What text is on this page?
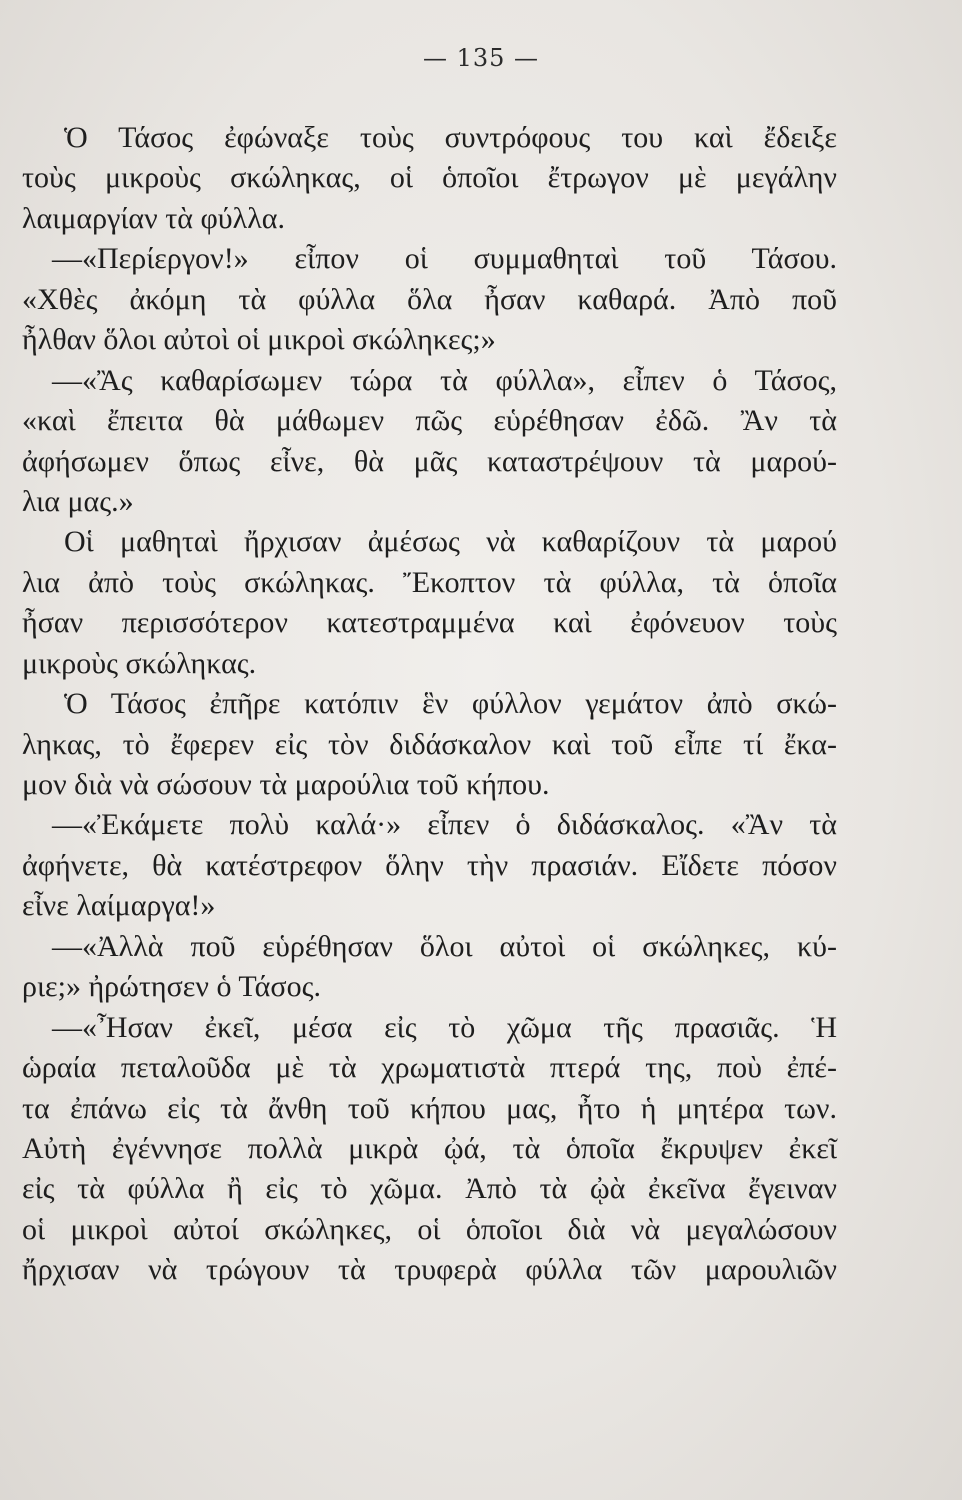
— 135 —
Ὁ Τάσος ἐφώναξε τοὺς συντρόφους του καὶ ἔδειξε
τοὺς μικροὺς σκώληκας, οἱ ὁποῖοι ἔτρωγον μὲ μεγάλην
λαιμαργίαν τὰ φύλλα.
—«Περίεργον!» εἶπον οἱ συμμαθηταὶ τοῦ Τάσου.
«Χθὲς ἀκόμη τὰ φύλλα ὅλα ἦσαν καθαρά. Ἀπὸ ποῦ
ἦλθαν ὅλοι αὐτοὶ οἱ μικροὶ σκώληκες;»
—«Ἂς καθαρίσωμεν τώρα τὰ φύλλα», εἶπεν ὁ Τάσος,
«καὶ ἔπειτα θὰ μάθωμεν πῶς εὑρέθησαν ἐδῶ. Ἂν τὰ
ἀφήσωμεν ὅπως εἶνε, θὰ μᾶς καταστρέψουν τὰ μαρού-
λια μας.»
Οἱ μαθηταὶ ἤρχισαν ἀμέσως νὰ καθαρίζουν τὰ μαρού
λια ἀπὸ τοὺς σκώληκας. Ἔκοπτον τὰ φύλλα, τὰ ὁποῖα
ἦσαν περισσότερον κατεστραμμένα καὶ ἐφόνευον τοὺς
μικροὺς σκώληκας.
Ὁ Τάσος ἐπῆρε κατόπιν ἓν φύλλον γεμάτον ἀπὸ σκώ-
ληκας, τὸ ἔφερεν εἰς τὸν διδάσκαλον καὶ τοῦ εἶπε τί ἔκα-
μον διὰ νὰ σώσουν τὰ μαρούλια τοῦ κήπου.
—«Ἐκάμετε πολὺ καλά·» εἶπεν ὁ διδάσκαλος. «Ἂν τὰ
ἀφήνετε, θὰ κατέστρεφον ὅλην τὴν πρασιάν. Εἴδετε πόσον
εἶνε λαίμαργα!»
—«Ἀλλὰ ποῦ εὑρέθησαν ὅλοι αὐτοὶ οἱ σκώληκες, κύ-
ριε;» ἠρώτησεν ὁ Τάσος.
—«Ἦσαν ἐκεῖ, μέσα εἰς τὸ χῶμα τῆς πρασιᾶς. Ἡ
ὡραία πεταλοῦδα μὲ τὰ χρωματιστὰ πτερά της, ποὺ ἐπέ-
τα ἐπάνω εἰς τὰ ἄνθη τοῦ κήπου μας, ἦτο ἡ μητέρα των.
Αὐτὴ ἐγέννησε πολλὰ μικρὰ ᾠά, τὰ ὁποῖα ἔκρυψεν ἐκεῖ
εἰς τὰ φύλλα ἢ εἰς τὸ χῶμα. Ἀπὸ τὰ ᾠὰ ἐκεῖνα ἔγειναν
οἱ μικροὶ αὐτοί σκώληκες, οἱ ὁποῖοι διὰ νὰ μεγαλώσουν
ἤρχισαν νὰ τρώγουν τὰ τρυφερὰ φύλλα τῶν μαρουλιῶν
